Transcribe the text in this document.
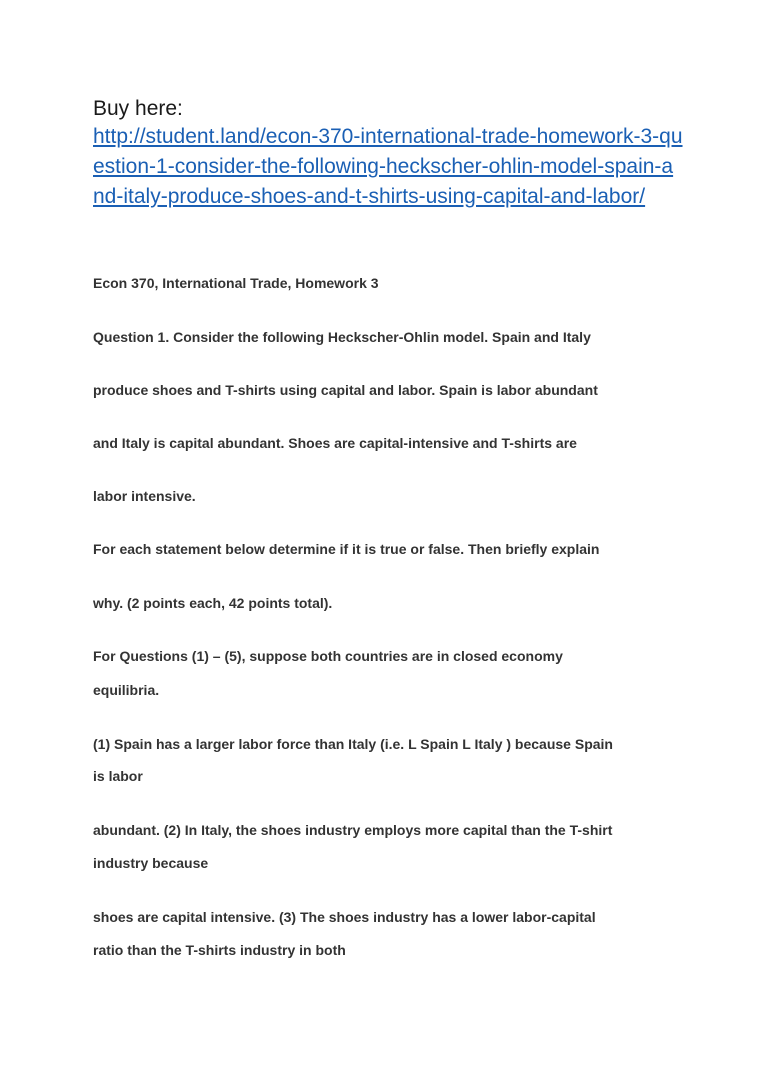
Buy here:

http://student.land/econ-370-international-trade-homework-3-question-1-consider-the-following-heckscher-ohlin-model-spain-and-italy-produce-shoes-and-t-shirts-using-capital-and-labor/

Econ 370, International Trade, Homework 3

Question 1. Consider the following Heckscher-Ohlin model. Spain and Italy

produce shoes and T-shirts using capital and labor. Spain is labor abundant

and Italy is capital abundant. Shoes are capital-intensive and T-shirts are

labor intensive.

For each statement below determine if it is true or false. Then briefly explain

why. (2 points each, 42 points total).

For Questions (1) – (5), suppose both countries are in closed economy

equilibria.

(1) Spain has a larger labor force than Italy (i.e. L Spain L Italy ) because Spain

is labor

abundant. (2) In Italy, the shoes industry employs more capital than the T-shirt

industry because

shoes are capital intensive. (3) The shoes industry has a lower labor-capital

ratio than the T-shirts industry in both
